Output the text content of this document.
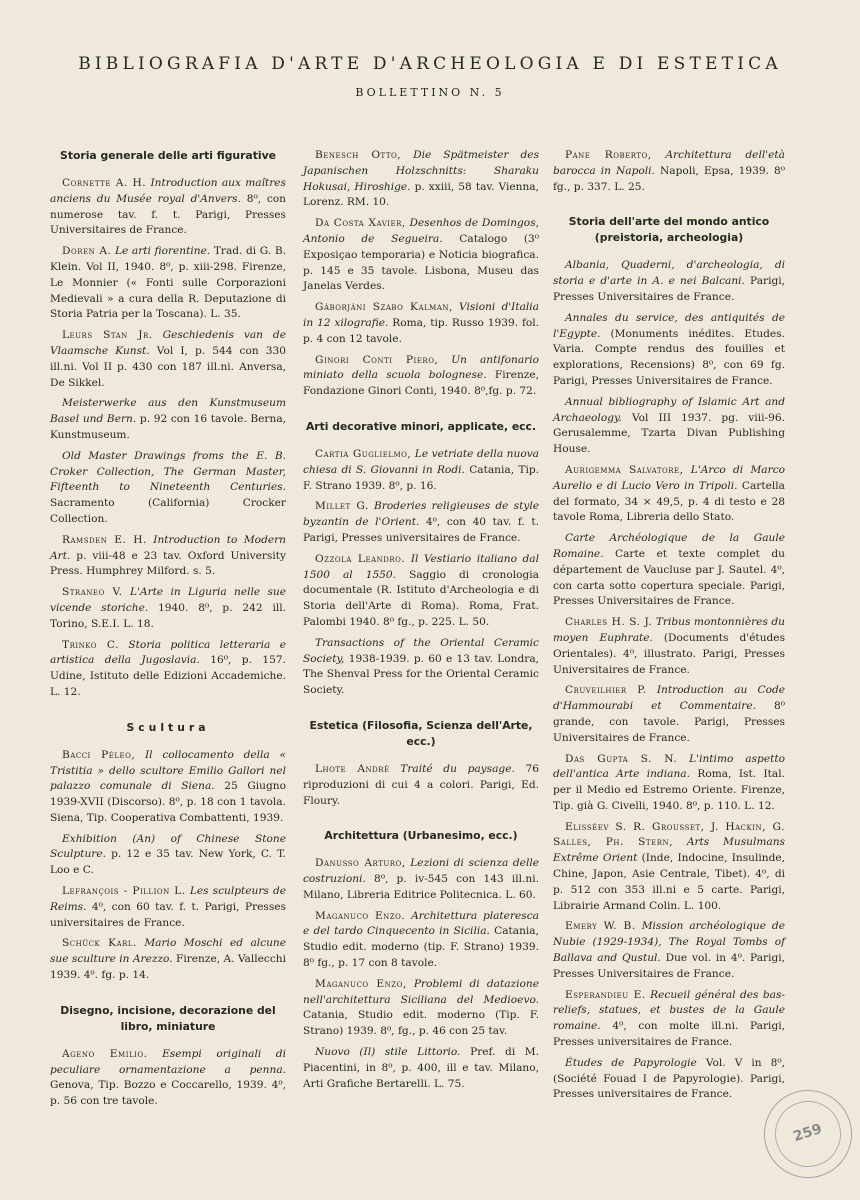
BIBLIOGRAFIA D'ARTE D'ARCHEOLOGIA E DI ESTETICA
BOLLETTINO N. 5
Storia generale delle arti figurative

Cornette A. H. Introduction aux maîtres anciens du Musée royal d'Anvers. 8⁰, con numerose tav. f. t. Parigi, Presses Universitaires de France.

Doren A. Le arti fiorentine. Trad. di G. B. Klein. Vol II, 1940. 8⁰, p. xiii-298. Firenze, Le Monnier (« Fonti sulle Corporazioni Medievali » a cura della R. Deputazione di Storia Patria per la Toscana). L. 35.

Leurs Stan Jr. Geschiedenis van de Vlaamsche Kunst. Vol I, p. 544 con 330 ill.ni. Vol II p. 430 con 187 ill.ni. Anversa, De Sikkel.

Meisterwerke aus den Kunstmuseum Basel und Bern. p. 92 con 16 tavole. Berna, Kunstmuseum.

Old Master Drawings froms the E. B. Croker Collection, The German Master, Fifteenth to Nineteenth Centuries. Sacramento (California) Crocker Collection.

Ramsden E. H. Introduction to Modern Art. p. viii-48 e 23 tav. Oxford University Press. Humphrey Milford. s. 5.

Straneo V. L'Arte in Liguria nelle sue vicende storiche. 1940. 8⁰, p. 242 ill. Torino, S.E.I. L. 18.

Trinko C. Storia politica letteraria e artistica della Jugoslavia. 16⁰, p. 157. Udine, Istituto delle Edizioni Accademiche. L. 12.

Scultura

Bacci Péleo, Il collocamento della « Tristitia » dello scultore Emilio Gallori nel palazzo comunale di Siena. 25 Giugno 1939-XVII (Discorso). 8⁰, p. 18 con 1 tavola. Siena, Tip. Cooperativa Combattenti, 1939.

Exhibition (An) of Chinese Stone Sculpture. p. 12 e 35 tav. New York, C. T. Loo e C.

Lefrançois - Pillion L. Les sculpteurs de Reims. 4⁰, con 60 tav. f. t. Parigi, Presses universitaires de France.

Schück Karl. Mario Moschi ed alcune sue sculture in Arezzo. Firenze, A. Vallecchi 1939. 4⁰. fg. p. 14.

Disegno, incisione, decorazione del libro, miniature

Ageno Emilio. Esempi originali di peculiare ornamentazione a penna. Genova, Tip. Bozzo e Coccarello, 1939. 4⁰, p. 56 con tre tavole.

Benesch Otto, Die Spätmeister des Japanischen Holzschnitts: Sharaku Hokusai, Hiroshige. p. xxiii, 58 tav. Vienna, Lorenz. RM. 10.

Da Costa Xavier, Desenhos de Domingos, Antonio de Segueira. Catalogo (3⁰ Exposiçao temporaria) e Noticia biografica. p. 145 e 35 tavole. Lisbona, Museu das Janelas Verdes.

Gáborjáni Szabo Kalman, Visioni d'Italia in 12 xilografie. Roma, tip. Russo 1939. fol. p. 4 con 12 tavole.

Ginori Conti Piero, Un antifonario miniato della scuola bolognese. Firenze, Fondazione Ginori Conti, 1940. 8⁰,fg. p. 72.

Arti decorative minori, applicate, ecc.

Cartia Guglielmo, Le vetriate della nuova chiesa di S. Giovanni in Rodi. Catania, Tip. F. Strano 1939. 8⁰, p. 16.

Millet G. Broderies religieuses de style byzantin de l'Orient. 4⁰, con 40 tav. f. t. Parigi, Presses universitaires de France.

Ozzola Leandro. Il Vestiario italiano dal 1500 al 1550. Saggio di cronologia documentale (R. Istituto d'Archeologia e di Storia dell'Arte di Roma). Roma, Frat. Palombi 1940. 8⁰ fg., p. 225. L. 50.

Transactions of the Oriental Ceramic Society, 1938-1939. p. 60 e 13 tav. Londra, The Shenval Press for the Oriental Ceramic Society.

Estetica (Filosofia, Scienza dell'Arte, ecc.)

Lhote André Traité du paysage. 76 riproduzioni di cui 4 a colori. Parigi, Ed. Floury.

Architettura (Urbanesimo, ecc.)

Danusso Arturo, Lezioni di scienza delle costruzioni. 8⁰, p. iv-545 con 143 ill.ni. Milano, Libreria Editrice Politecnica. L. 60.

Maganuco Enzo. Architettura plateresca e del tardo Cinquecento in Sicilia. Catania, Studio edit. moderno (tip. F. Strano) 1939. 8⁰ fg., p. 17 con 8 tavole.

Maganuco Enzo, Problemi di datazione nell'architettura Siciliana del Medioevo. Catania, Studio edit. moderno (Tip. F. Strano) 1939. 8⁰, fg., p. 46 con 25 tav.

Nuovo (Il) stile Littorio. Pref. di M. Piacentini, in 8⁰, p. 400, ill e tav. Milano, Arti Grafiche Bertarelli. L. 75.

Pane Roberto, Architettura dell'età barocca in Napoli. Napoli, Epsa, 1939. 8⁰ fg., p. 337. L. 25.

Storia dell'arte del mondo antico (preistoria, archeologia)

Albania, Quaderni, d'archeologia, di storia e d'arte in A. e nei Balcani. Parigi, Presses Universitaires de France.

Annales du service, des antiquités de l'Egypte. (Monuments inédites. Etudes. Varia. Compte rendus des fouilles et explorations, Recensions) 8⁰, con 69 fg. Parigi, Presses Universitaires de France.

Annual bibliography of Islamic Art and Archaeology. Vol III 1937. pg. viii-96. Gerusalemme, Tzarta Divan Publishing House.

Aurigemma Salvatore, L'Arco di Marco Aurelio e di Lucio Vero in Tripoli. Cartella del formato, 34 × 49,5, p. 4 di testo e 28 tavole Roma, Libreria dello Stato.

Carte Archéologique de la Gaule Romaine. Carte et texte complet du département de Vaucluse par J. Sautel. 4⁰, con carta sotto copertura speciale. Parigi, Presses Universitaires de France.

Charles H. S. J. Tribus montonnières du moyen Euphrate. (Documents d'études Orientales). 4⁰, illustrato. Parigi, Presses Universitaires de France.

Cruveilhier P. Introduction au Code d'Hammourabi et Commentaire. 8⁰ grande, con tavole. Parigi, Presses Universitaires de France.

Das Gupta S. N. L'intimo aspetto dell'antica Arte indiana. Roma, Ist. Ital. per il Medio ed Estremo Oriente. Firenze, Tip. già G. Civelli, 1940. 8⁰, p. 110. L. 12.

Elisséev S. R. Grousset, J. Hackin, G. Salles, Ph. Stern, Arts Musulmans Extrême Orient (Inde, Indocine, Insulinde, Chine, Japon, Asie Centrale, Tibet). 4⁰, di p. 512 con 353 ill.ni e 5 carte. Parigi, Librairie Armand Colin. L. 100.

Emery W. B. Mission archéologique de Nubie (1929-1934), The Royal Tombs of Ballava and Qustul. Due vol. in 4⁰. Parigi, Presses Universitaires de France.

Esperandieu E. Recueil général des bas-reliefs, statues, et bustes de la Gaule romaine. 4⁰, con molte ill.ni. Parigi, Presses universitaires de France.

Études de Papyrologie Vol. V in 8⁰, (Société Fouad I de Papyrologie). Parigi, Presses universitaires de France.

259
